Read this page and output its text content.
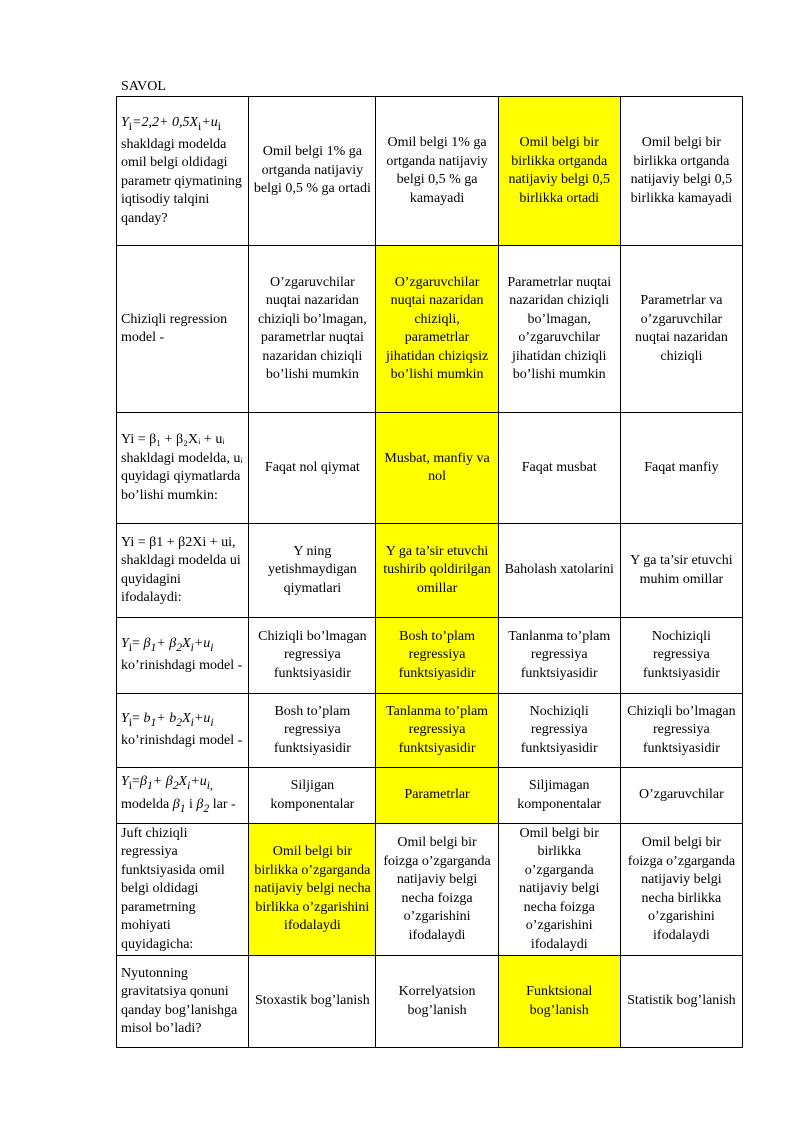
SAVOL
$Y_i=2,2+ 0,5X_i+u_i$ shakldagi modelda omil belgi oldidagi parametr qiymatining iqtisodiy talqini qanday?	Omil belgi 1% ga ortganda natijaviy belgi 0,5 % ga ortadi	Omil belgi 1% ga ortganda natijaviy belgi 0,5 % ga kamayadi	Omil belgi bir birlikka ortganda natijaviy belgi 0,5 birlikka ortadi	Omil belgi bir birlikka ortganda natijaviy belgi 0,5 birlikka kamayadi
Chiziqli regression model -	O’zgaruvchilar nuqtai nazaridan chiziqli bo’lmagan, parametrlar nuqtai nazaridan chiziqli bo’lishi mumkin	O’zgaruvchilar nuqtai nazaridan chiziqli, parametrlar jihatidan chiziqsiz bo’lishi mumkin	Parametrlar nuqtai nazaridan chiziqli bo’lmagan, o’zgaruvchilar jihatidan chiziqli bo’lishi mumkin	Parametrlar va o’zgaruvchilar nuqtai nazaridan chiziqli
Yi = β₁ + β₂Xᵢ + uᵢ shakldagi modelda, uᵢ quyidagi qiymatlarda bo’lishi mumkin:	Faqat nol qiymat	Musbat, manfiy va nol	Faqat musbat	Faqat manfiy
Yi = β1 + β2Xi + ui, shakldagi modelda ui quyidagini ifodalaydi:	Y ning yetishmaydigan qiymatlari	Y ga ta’sir etuvchi tushirib qoldirilgan omillar	Baholash xatolarini	Y ga ta’sir etuvchi muhim omillar
$Y_i= \beta_1+ \beta_2X_i+u_i$ ko’rinishdagi model -	Chiziqli bo’lmagan regressiya funktsiyasidir	Bosh to’plam regressiya funktsiyasidir	Tanlanma to’plam regressiya funktsiyasidir	Nochiziqli regressiya funktsiyasidir
$Y_i= b_1+ b_2X_i+u_i$ ko’rinishdagi model -	Bosh to’plam regressiya funktsiyasidir	Tanlanma to’plam regressiya funktsiyasidir	Nochiziqli regressiya funktsiyasidir	Chiziqli bo’lmagan regressiya funktsiyasidir
$Y_i=\beta_1+ \beta_2X_i+u_{i,}$ modelda $\beta_1$ i $\beta_2$ lar -	Siljigan komponentalar	Parametrlar	Siljimagan komponentalar	O’zgaruvchilar
Juft chiziqli regressiya funktsiyasida omil belgi oldidagi parametrning mohiyati quyidagicha:	Omil belgi bir birlikka o’zgarganda natijaviy belgi necha birlikka o’zgarishini ifodalaydi	Omil belgi bir foizga o’zgarganda natijaviy belgi necha foizga o’zgarishini ifodalaydi	Omil belgi bir birlikka o’zgarganda natijaviy belgi necha foizga o’zgarishini ifodalaydi	Omil belgi bir foizga o’zgarganda natijaviy belgi necha birlikka o’zgarishini ifodalaydi
Nyutonning gravitatsiya qonuni qanday bog’lanishga misol bo’ladi?	Stoxastik bog’lanish	Korrelyatsion bog’lanish	Funktsional bog’lanish	Statistik bog’lanish
